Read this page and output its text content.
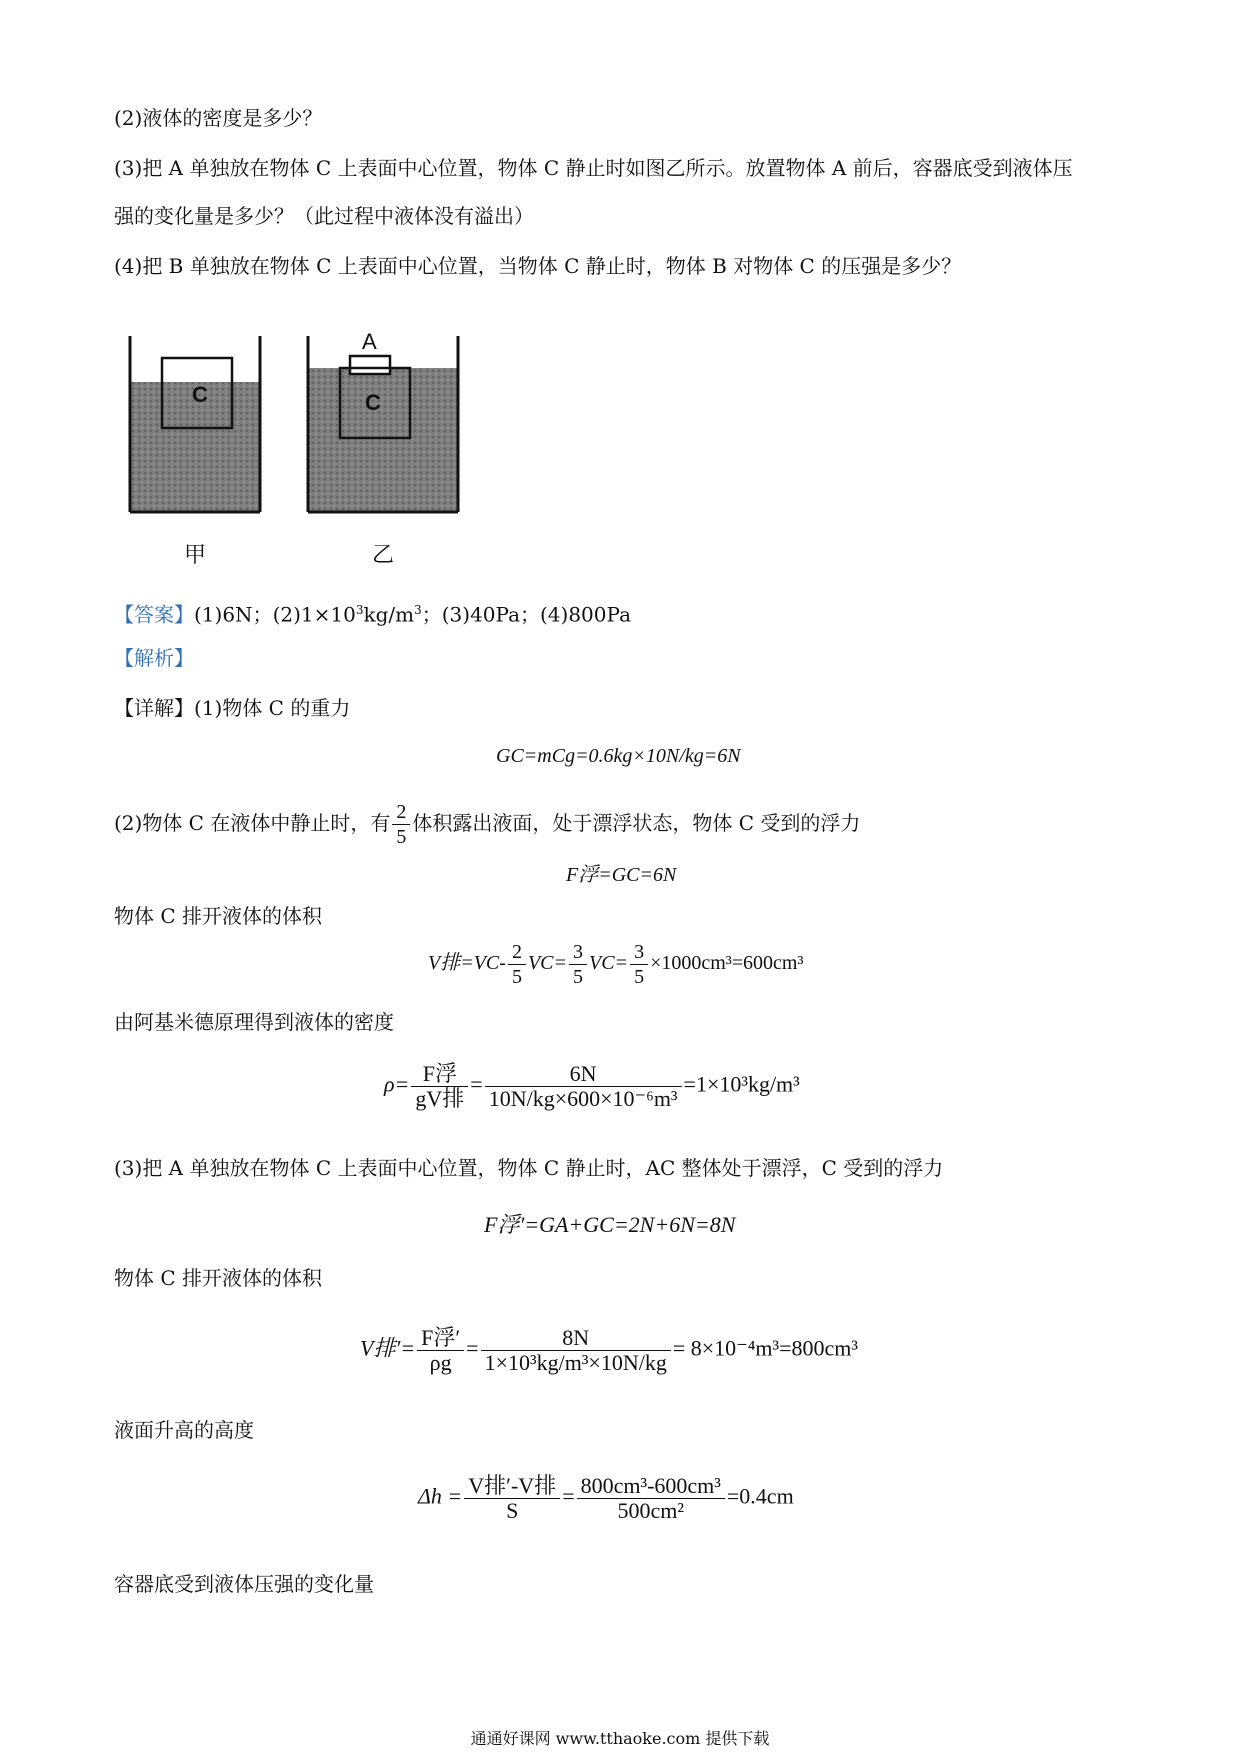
(2)液体的密度是多少？

(3)把 A 单独放在物体 C 上表面中心位置，物体 C 静止时如图乙所示。放置物体 A 前后，容器底受到液体压

强的变化量是多少？（此过程中液体没有溢出）

(4)把 B 单独放在物体 C 上表面中心位置，当物体 C 静止时，物体 B 对物体 C 的压强是多少？

C	C
A
甲	乙

【答案】(1)6N；$(2)1\times 10^3kg/m^3$；(3)40Pa；(4)800Pa

【解析】

【详解】(1)物体 C 的重力

GC=mCg=0.6kg×10N/kg=6N

(2)物体 C 在液体中静止时，有 $\frac{2}{5}$ 体积露出液面，处于漂浮状态，物体 C 受到的浮力

F浮=GC=6N

物体 C 排开液体的体积

V排$=VC- \frac{2}{5} VC= \frac{3}{5} VC= \frac{3}{5} \times 1000cm^3=600cm^3$

由阿基米德原理得到液体的密度

$\rho= \frac{\text{F浮}}{\text{gV排}} = \frac{6N}{\text{10N/kg×600×10⁻⁶m³}} =1\times 10^3kg/m^3$

(3)把 A 单独放在物体 C 上表面中心位置，物体 C 静止时，AC 整体处于漂浮，C 受到的浮力

F浮′=GA+GC=2N+6N=8N

物体 C 排开液体的体积

V排′= $\frac{\text{F浮′}}{\rho g} = \frac{8N}{\text{1×10³kg/m³×10N/kg}} = 8\times 10^{-4}m^3=800cm^3$

液面升高的高度

$\Delta h = \frac{\text{V排′-V排}}{S} = \frac{\text{800cm³-600cm³}}{\text{500cm²}} =0.4cm$

容器底受到液体压强的变化量

通通好课网 www.tthaoke.com 提供下载
